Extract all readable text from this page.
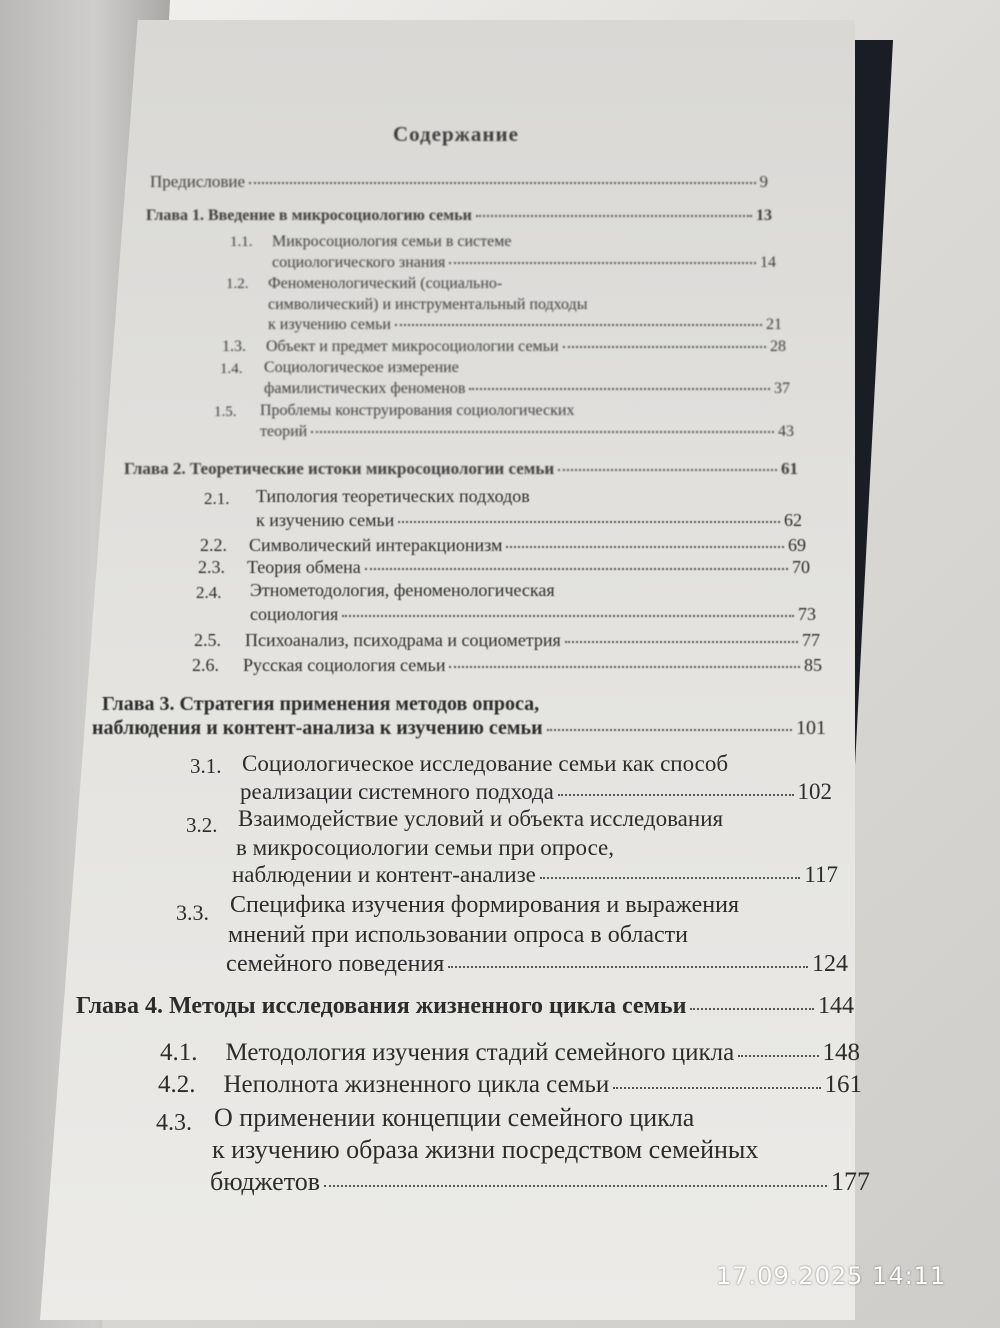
Содержание
Предисловие	9
Глава 1. Введение в микросоциологию семьи	13
1.1. Микросоциология семьи в системе
социологического знания	14
1.2. Феноменологический (социально-
символический) и инструментальный подходы
к изучению семьи	21
1.3. Объект и предмет микросоциологии семьи	28
1.4. Социологическое измерение
фамилистических феноменов	37
1.5. Проблемы конструирования социологических
теорий	43
Глава 2. Теоретические истоки микросоциологии семьи	61
2.1. Типология теоретических подходов
к изучению семьи	62
2.2. Символический интеракционизм	69
2.3. Теория обмена	70
2.4. Этнометодология, феноменологическая
социология	73
2.5. Психоанализ, психодрама и социометрия	77
2.6. Русская социология семьи	85
Глава 3. Стратегия применения методов опроса,
наблюдения и контент-анализа к изучению семьи	101
3.1. Социологическое исследование семьи как способ
реализации системного подхода	102
3.2. Взаимодействие условий и объекта исследования
в микросоциологии семьи при опросе,
наблюдении и контент-анализе	117
3.3. Специфика изучения формирования и выражения
мнений при использовании опроса в области
семейного поведения	124
Глава 4. Методы исследования жизненного цикла семьи	144
4.1. Методология изучения стадий семейного цикла	148
4.2. Неполнота жизненного цикла семьи	161
4.3. О применении концепции семейного цикла
к изучению образа жизни посредством семейных
бюджетов	177
17.09.2025 14:11
